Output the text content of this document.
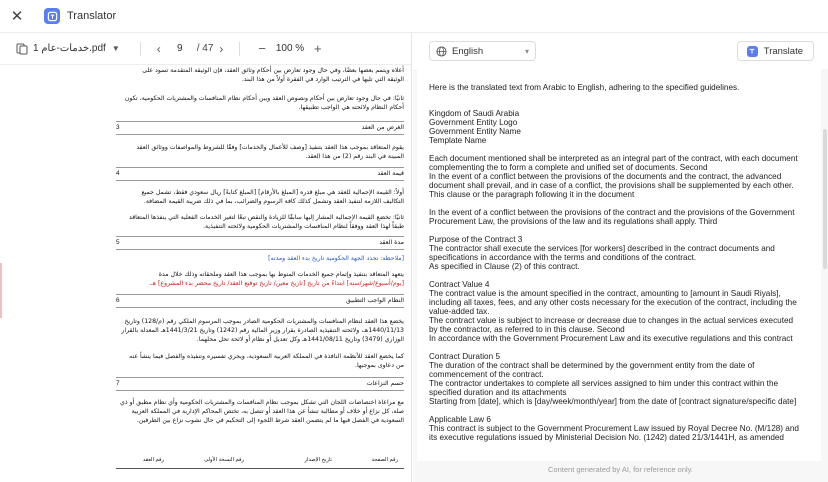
✕	Translator
خدمات-عام 1.pdf ▼	‹	9	/ 47 ›	− 100 % +
أعلاه ويتمم بعضها بعضًا، وفي حال وجود تعارض بين أحكام وثائق العقد، فإن الوثيقة المتقدمة تسود على
الوثيقة التي تليها في الترتيب الوارد في الفقرة أولاً من هذا البند.
ثانيًا: في حال وجود تعارض بين أحكام ونصوص العقد وبين أحكام نظام المنافسات والمشتريات الحكومية، تكون
أحكام النظام ولائحته هي الواجب تطبيقها.
3	الغرض من العقد
يقوم المتعاقد بموجب هذا العقد بتنفيذ [وصف للأعمال والخدمات] وفقًا للشروط والمواصفات ووثائق العقد
المبينة في البند رقم (2) من هذا العقد.
4	قيمة العقد
أولاً: القيمة الإجمالية للعقد هي مبلغ قدره [المبلغ بالأرقام] [المبلغ كتابةً] ريال سعودي فقط، تشمل جميع
التكاليف اللازمة لتنفيذ العقد وتشمل كذلك كافة الرسوم والضرائب، بما في ذلك ضريبة القيمة المضافة.
ثانيًا: تخضع القيمة الإجمالية المشار إليها سابقًا للزيادة والنقص تبعًا لتغير الخدمات الفعلية التي ينفذها المتعاقد
طبقاً لهذا العقد ووفقاً لنظام المنافسات والمشتريات الحكومية ولائحته التنفيذية.
5	مدة العقد
[ملاحظة: تحدد الجهة الحكومية تاريخ بدء العقد ومدته]
يتعهد المتعاقد بتنفيذ وإتمام جميع الخدمات المنوط بها بموجب هذا العقد وملحقاته وذلك خلال مدة
[يوم/أسبوع/شهر/سنة] ابتداءً من تاريخ [تاريخ معين/ تاريخ توقيع العقد/ تاريخ محضر بدء المشروع] هـ.
6	النظام الواجب التطبيق
يخضع هذا العقد لنظام المنافسات والمشتريات الحكومية الصادر بموجب المرسوم الملكي رقم (م/128) وتاريخ
1440/11/13هـ، ولائحته التنفيذية الصادرة بقرار وزير المالية رقم (1242) وتاريخ 1441/3/21هـ المعدلة بالقرار
الوزاري (3479) وتاريخ 1441/08/11هـ وكل تعديل أو نظام أو لائحة تحل محلهما.
كما يخضع العقد للأنظمة النافذة في المملكة العربية السعودية، ويجري تفسيره وتنفيذه والفصل فيما ينشأ عنه
من دعاوى بموجبها.
7	حسم النزاعات
مع مراعاة اختصاصات اللجان التي تشكل بموجب نظام المنافسات والمشتريات الحكومية وأي نظام مطبق أو ذي
صلة، كل نزاع أو خلاف أو مطالبة تنشأ عن هذا العقد أو تتصل به، تختص المحاكم الإدارية في المملكة العربية
السعودية في الفصل فيها ما لم يتضمن العقد شرط اللجوء إلى التحكيم في حال نشوب نزاع بين الطرفين.
رقم الصفحة
تاريخ الإصدار
رقم النسخة الأولى
رقم العقد
English	▾	Translate
Here is the translated text from Arabic to English, adhering to the specified guidelines.
Kingdom of Saudi Arabia
Government Entity Logo
Government Entity Name
Template Name
Each document mentioned shall be interpreted as an integral part of the contract, with each document
complementing the to form a complete and unified set of documents. Second
In the event of a conflict between the provisions of the documents and the contract, the advanced
document shall prevail, and in case of a conflict, the provisions shall be supplemented by each other.
This clause or the paragraph following it in the document
In the event of a conflict between the provisions of the contract and the provisions of the Government
Procurement Law, the provisions of the law and its regulations shall apply. Third
Purpose of the Contract 3
The contractor shall execute the services [for workers] described in the contract documents and
specifications in accordance with the terms and conditions of the contract.
As specified in Clause (2) of this contract.
Contract Value 4
The contract value is the amount specified in the contract, amounting to [amount in Saudi Riyals],
including all taxes, fees, and any other costs necessary for the execution of the contract, including the
value-added tax.
The contract value is subject to increase or decrease due to changes in the actual services executed
by the contractor, as referred to in this clause. Second
In accordance with the Government Procurement Law and its executive regulations and this contract
Contract Duration 5
The duration of the contract shall be determined by the government entity from the date of
commencement of the contract.
The contractor undertakes to complete all services assigned to him under this contract within the
specified duration and its attachments
Starting from [date], which is [day/week/month/year] from the date of [contract signature/specific date]
Applicable Law 6
This contract is subject to the Government Procurement Law issued by Royal Decree No. (M/128) and
its executive regulations issued by Ministerial Decision No. (1242) dated 21/3/1441H, as amended
Content generated by AI, for reference only.
